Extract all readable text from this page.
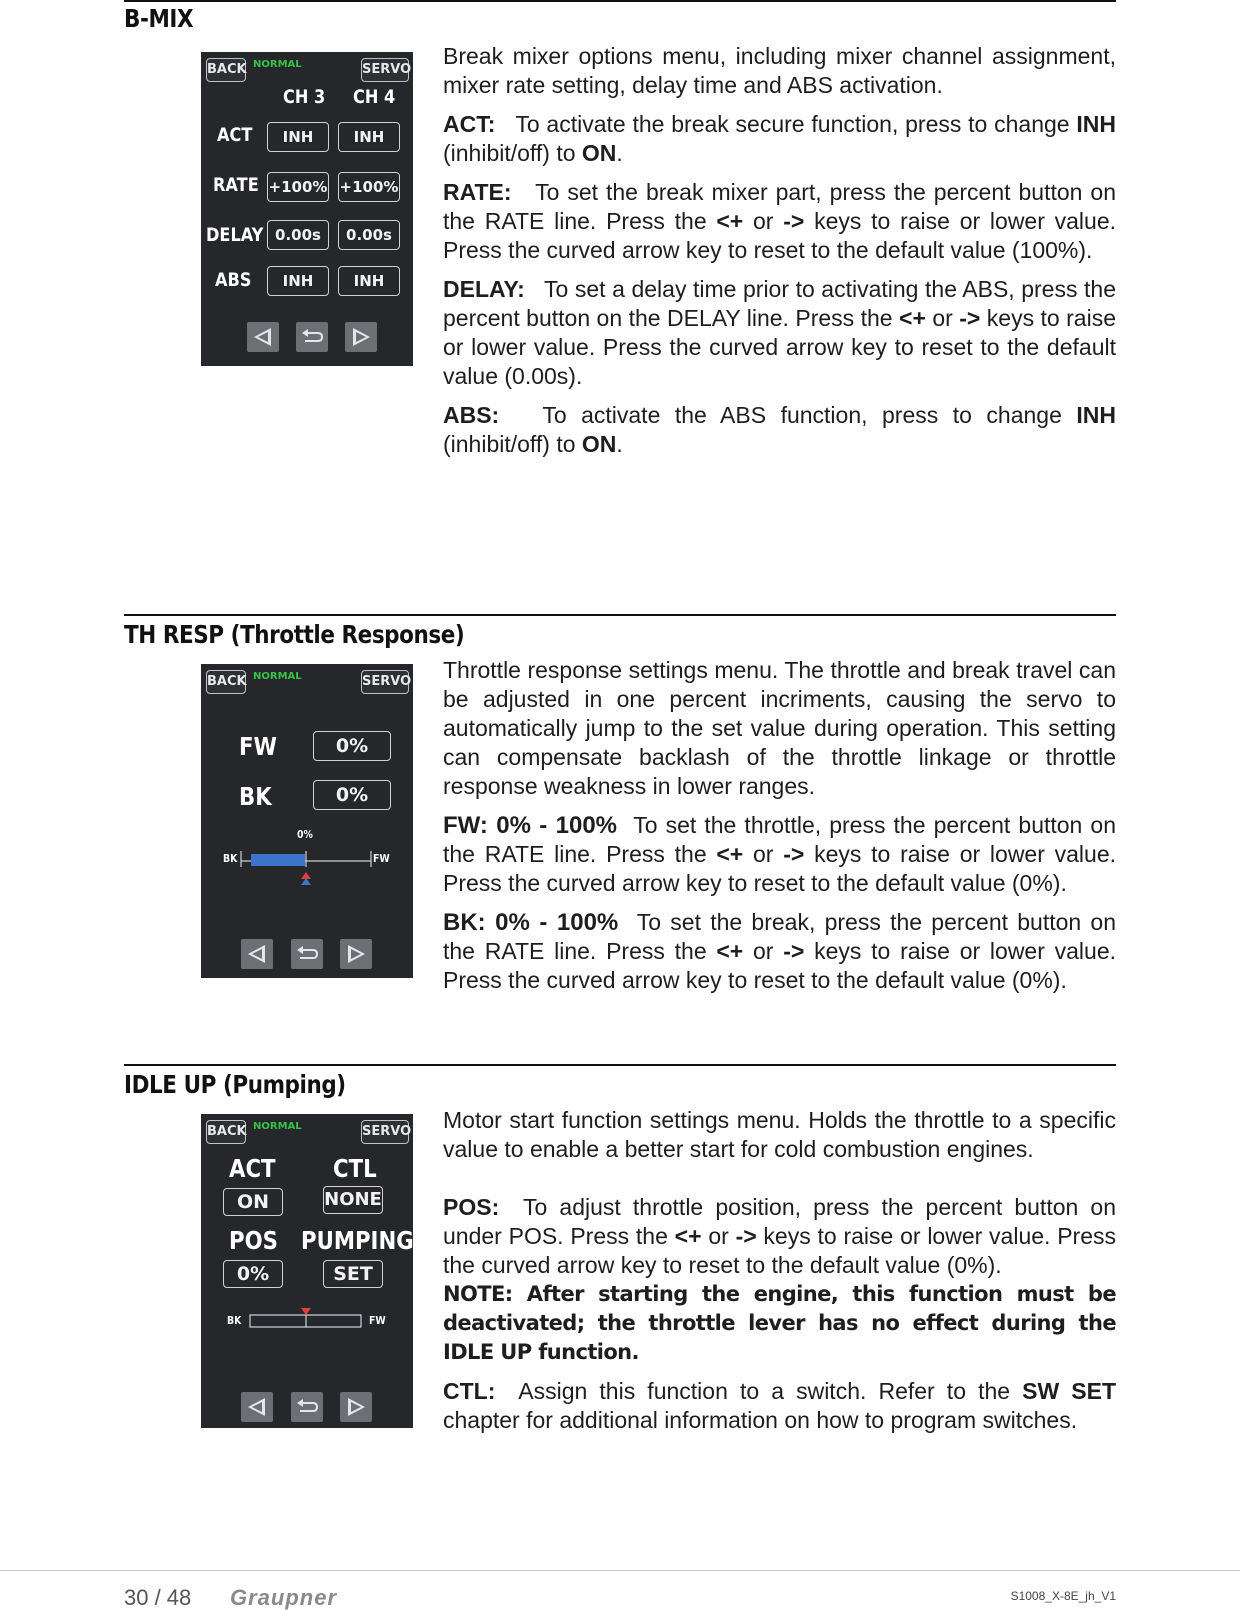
B-MIX
BACK NORMAL	SERVO
CH 3 CH 4
ACT	INH	INH
RATE +100% +100%
DELAY 0.00s	0.00s
ABS	INH	INH

Break mixer options menu, including mixer channel assignment, mixer rate setting, delay time and ABS activation.

ACT: To activate the break secure function, press to change INH (inhibit/off) to ON.

RATE: To set the break mixer part, press the percent button on the RATE line. Press the <+ or -> keys to raise or lower value. Press the curved arrow key to reset to the default value (100%).

DELAY: To set a delay time prior to activating the ABS, press the percent button on the DELAY line. Press the <+ or -> keys to raise or lower value. Press the curved arrow key to reset to the default value (0.00s).

ABS: To activate the ABS function, press to change INH (inhibit/off) to ON.

TH RESP (Throttle Response)
BACK NORMAL	SERVO
FW	0%
BK	0%
0%
BK	FW

Throttle response settings menu. The throttle and break travel can be adjusted in one percent incriments, causing the servo to automatically jump to the set value during operation. This setting can compensate backlash of the throttle linkage or throttle response weakness in lower ranges.

FW: 0% - 100% To set the throttle, press the percent button on the RATE line. Press the <+ or -> keys to raise or lower value. Press the curved arrow key to reset to the default value (0%).

BK: 0% - 100% To set the break, press the percent button on the RATE line. Press the <+ or -> keys to raise or lower value. Press the curved arrow key to reset to the default value (0%).

IDLE UP (Pumping)
BACK NORMAL	SERVO
ACT CTL
ON	NONE
POS PUMPING
0%	SET
BK	FW

Motor start function settings menu. Holds the throttle to a specific value to enable a better start for cold combustion engines.

POS: To adjust throttle position, press the percent button on under POS. Press the <+ or -> keys to raise or lower value. Press the curved arrow key to reset to the default value (0%).
NOTE: After starting the engine, this function must be deactivated; the throttle lever has no effect during the IDLE UP function.

CTL: Assign this function to a switch. Refer to the SW SET chapter for additional information on how to program switches.

30 / 48 Graupner	S1008_X-8E_jh_V1
